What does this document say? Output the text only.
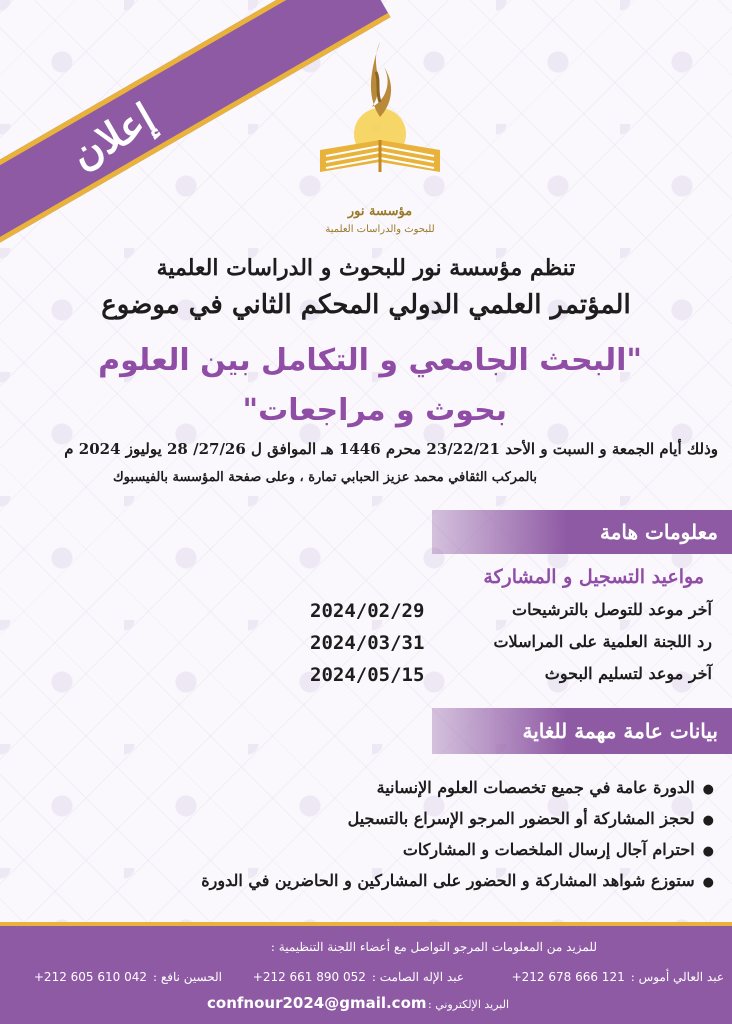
إعلان
مؤسسة نور
للبحوث والدراسات العلمية
تنظم مؤسسة نور للبحوث و الدراسات العلمية
المؤتمر العلمي الدولي المحكم الثاني في موضوع
"البحث الجامعي و التكامل بين العلوم
بحوث و مراجعات"
وذلك أيام الجمعة و السبت و الأحد 23/22/21 محرم 1446 هـ الموافق ل 27/26/ 28 يوليوز 2024 م
بالمركب الثقافي محمد عزيز الحبابي تمارة ، وعلى صفحة المؤسسة بالفيسبوك
معلومات هامة
مواعيد التسجيل و المشاركة
آخر موعد للتوصل بالترشيحات
2024/02/29
رد اللجنة العلمية على المراسلات
2024/03/31
آخر موعد لتسليم البحوث
2024/05/15
بيانات عامة مهمة للغاية
● الدورة عامة في جميع تخصصات العلوم الإنسانية
● لحجز المشاركة أو الحضور المرجو الإسراع بالتسجيل
● احترام آجال إرسال الملخصات و المشاركات
● ستوزع شواهد المشاركة و الحضور على المشاركين و الحاضرين في الدورة
للمزيد من المعلومات المرجو التواصل مع أعضاء اللجنة التنظيمية :
عبد العالي أموس :+212 678 666 121
عبد الإله الصامت :+212 661 890 052
الحسين نافع :+212 605 610 042
confnour2024@gmail.com البريد الإلكتروني :
